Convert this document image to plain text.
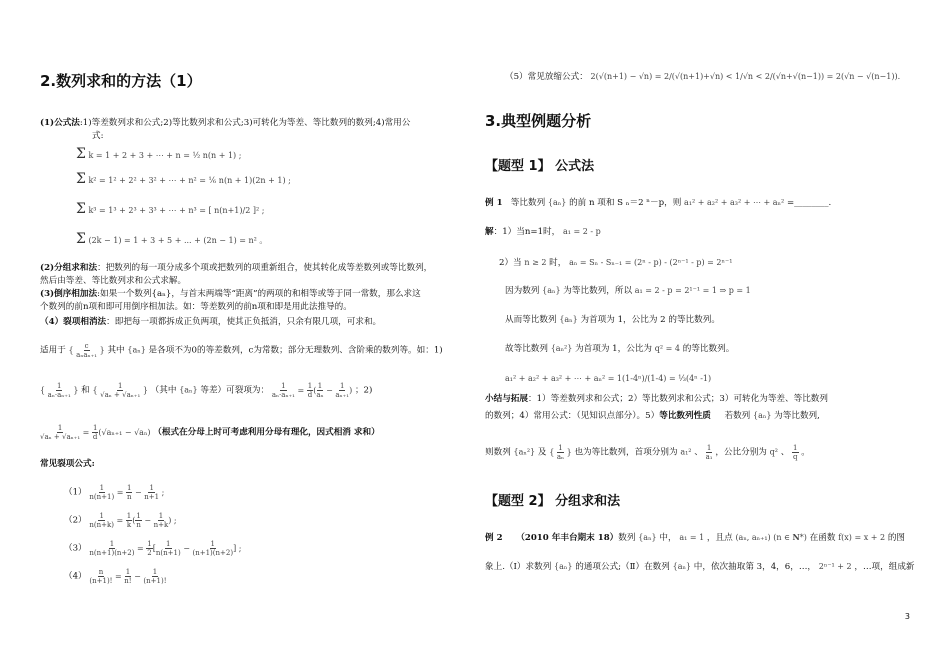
2.数列求和的方法（1）
(1)公式法:1)等差数列求和公式;2)等比数列求和公式;3)可转化为等差、等比数列的数列;4)常用公
式:
Σ k = 1 + 2 + 3 + ⋯ + n = ½ n(n + 1) ;
Σ k² = 1² + 2² + 3² + ⋯ + n² = ⅙ n(n + 1)(2n + 1) ;
Σ k³ = 1³ + 2³ + 3³ + ⋯ + n³ = [ n(n+1)/2 ]² ;
Σ (2k − 1) = 1 + 3 + 5 + ... + (2n − 1) = n² 。
(2)分组求和法：把数列的每一项分成多个项或把数列的项重新组合，使其转化成等差数列或等比数列，
然后由等差、等比数列求和公式求解。
(3)倒序相加法:如果一个数列{aₙ}，与首末两端等“距离”的两项的和相等或等于同一常数，那么求这
个数列的前n项和即可用倒序相加法。如：等差数列的前n项和即是用此法推导的。
（4）裂项相消法：即把每一项都拆成正负两项，使其正负抵消，只余有限几项，可求和。
适用于 { c
aₙaₙ₊₁
} 其中 {aₙ} 是各项不为0的等差数列，c为常数；部分无理数列、含阶乘的数列等。如：1)
{ $\frac{1}{\text{aₙ·aₙ₊₁}}$ } 和 { $\frac{1}{\text{√aₙ + √aₙ₊₁}}$ } （其中 {aₙ} 等差）可裂项为： $\frac{1}{\text{aₙ·aₙ₊₁}} = \frac{1}{d}$ ( $\frac{1}{\text{aₙ}} - \frac{1}{\text{aₙ₊₁}}$ ) ；2)
$\frac{1}{\text{√aₙ + √aₙ₊₁}} = \frac{1}{d} (√a_{n+1} - √a_n)$ （根式在分母上时可考虑利用分母有理化，因式相消 求和）
常见裂项公式:
$(1) \frac{1}{n(n+1)} = \frac{1}{n} - \frac{1}{n+1}$ ;
$(2) \frac{1}{n(n+k)} = \frac{1}{k}$ ( $\frac{1}{n} - \frac{1}{n+k}$ ) ;
$(3) \frac{1}{n(n+1)(n+2)} = \frac{1}{2}$ [ $\frac{1}{n(n+1)} - \frac{1}{(n+1)(n+2)}$ ] ;
$(4) \frac{n}{(n+1)!} = \frac{1}{n!} - \frac{1}{(n+1)!}$
（5）常见放缩公式： 2(√(n+1) − √n) = 2/(√(n+1)+√n) < 1/√n < 2/(√n+√(n−1)) = 2(√n − √(n−1)).
3.典型例题分析
【题型 1】 公式法
例 1 等比数列 {aₙ} 的前 n 项和 S ₙ＝2 ⁿ－p，则 a₁² + a₂² + a₃² + ⋯ + aₙ² =________.
解：1）当n=1时， a₁ = 2 - p
2）当 n ≥ 2 时， aₙ = Sₙ - Sₙ₋₁ = (2ⁿ - p) - (2ⁿ⁻¹ - p) = 2ⁿ⁻¹
因为数列 {aₙ} 为等比数列，所以 a₁ = 2 - p = 2¹⁻¹ = 1 ⇒ p = 1
从而等比数列 {aₙ} 为首项为 1，公比为 2 的等比数列。
故等比数列 {aₙ²} 为首项为 1，公比为 q² = 4 的等比数列。
a₁² + a₂² + a₃² + ⋯ + aₙ² = 1(1-4ⁿ)/(1-4) = ⅓(4ⁿ -1)
小结与拓展：1）等差数列求和公式；2）等比数列求和公式；3）可转化为等差、等比数列
的数列；4）常用公式：（见知识点部分）。5）等比数列性质 若数列 {aₙ} 为等比数列,
则数列 {aₙ²} 及 { $\frac{1}{\text{aₙ}}$ } 也为等比数列，首项分别为 a₁² 、 $\frac{1}{\text{a₁}}$ ，公比分别为 q² 、 $\frac{1}{q}$ 。
【题型 2】 分组求和法
例 2 （2010 年丰台期末 18）数列 {aₙ} 中， a₁ = 1 ，且点 (aₙ, aₙ₊₁) (n ∈ N*) 在函数 f(x) = x + 2 的图
象上.（Ⅰ）求数列 {aₙ} 的通项公式;（Ⅱ）在数列 {aₙ} 中，依次抽取第 3，4，6，…， 2ⁿ⁻¹ + 2 ，…项，组成新
3
